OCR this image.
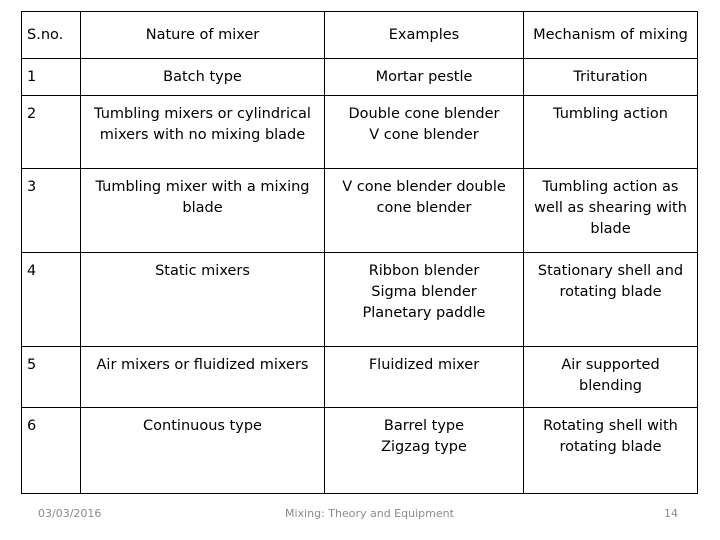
S.no.	Nature of mixer	Examples	Mechanism of mixing

1	Batch type	Mortar pestle	Trituration

2	Tumbling mixers or cylindrical
mixers with no mixing blade	Double cone blender
V cone blender	Tumbling action

3	Tumbling mixer with a mixing
blade	V cone blender double
cone blender	Tumbling action as
well as shearing with
blade

4	Static mixers	Ribbon blender
Sigma blender
Planetary paddle	Stationary shell and
rotating blade

5	Air mixers or fluidized mixers	Fluidized mixer	Air supported
blending

6	Continuous type	Barrel type
Zigzag type	Rotating shell with
rotating blade
03/03/2016	Mixing: Theory and Equipment	14
